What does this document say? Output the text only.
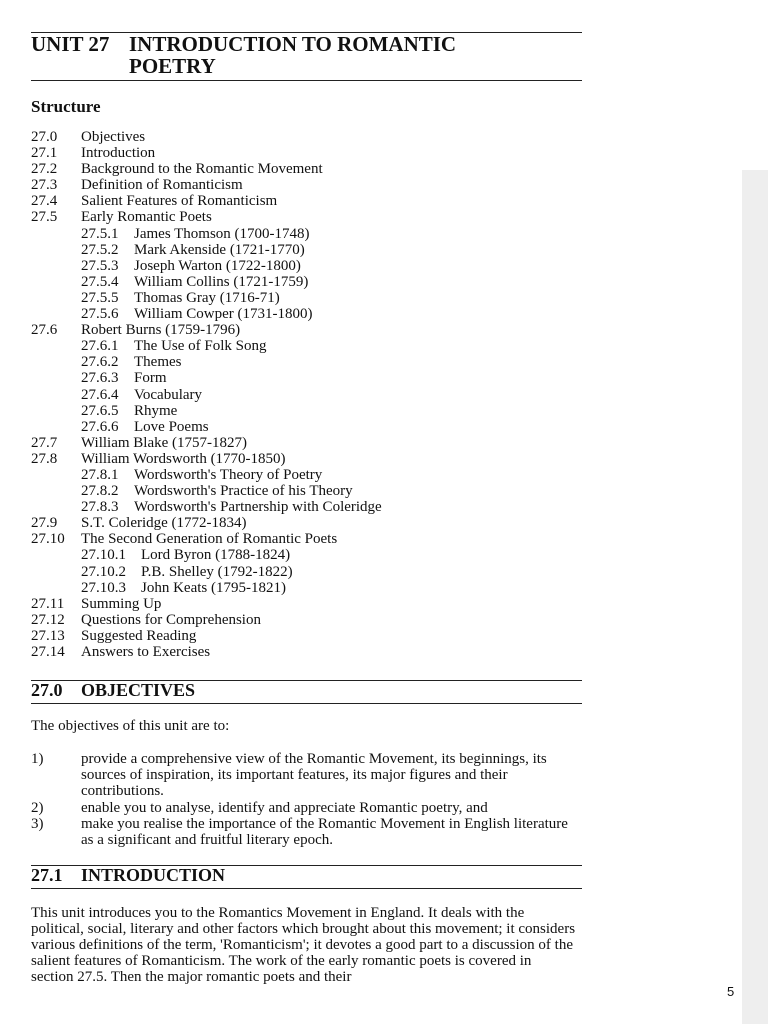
UNIT 27 INTRODUCTION TO ROMANTIC
POETRY
Structure
27.0 Objectives
27.1 Introduction
27.2 Background to the Romantic Movement
27.3 Definition of Romanticism
27.4 Salient Features of Romanticism
27.5 Early Romantic Poets
27.5.1 James Thomson (1700-1748)
27.5.2 Mark Akenside (1721-1770)
27.5.3 Joseph Warton (1722-1800)
27.5.4 William Collins (1721-1759)
27.5.5 Thomas Gray (1716-71)
27.5.6 William Cowper (1731-1800)
27.6 Robert Burns (1759-1796)
27.6.1 The Use of Folk Song
27.6.2 Themes
27.6.3 Form
27.6.4 Vocabulary
27.6.5 Rhyme
27.6.6 Love Poems
27.7 William Blake (1757-1827)
27.8 William Wordsworth (1770-1850)
27.8.1 Wordsworth's Theory of Poetry
27.8.2 Wordsworth's Practice of his Theory
27.8.3 Wordsworth's Partnership with Coleridge
27.9 S.T. Coleridge (1772-1834)
27.10 The Second Generation of Romantic Poets
27.10.1 Lord Byron (1788-1824)
27.10.2 P.B. Shelley (1792-1822)
27.10.3 John Keats (1795-1821)
27.11 Summing Up
27.12 Questions for Comprehension
27.13 Suggested Reading
27.14 Answers to Exercises
27.0 OBJECTIVES
The objectives of this unit are to:
1)	provide a comprehensive view of the Romantic Movement, its beginnings, its sources of inspiration, its important features, its major figures and their contributions.
2)	enable you to analyse, identify and appreciate Romantic poetry, and
3)	make you realise the importance of the Romantic Movement in English literature as a significant and fruitful literary epoch.
27.1 INTRODUCTION
This unit introduces you to the Romantics Movement in England. It deals with the political, social, literary and other factors which brought about this movement; it considers various definitions of the term, 'Romanticism'; it devotes a good part to a discussion of the salient features of Romanticism. The work of the early romantic poets is covered in section 27.5. Then the major romantic poets and their
5
